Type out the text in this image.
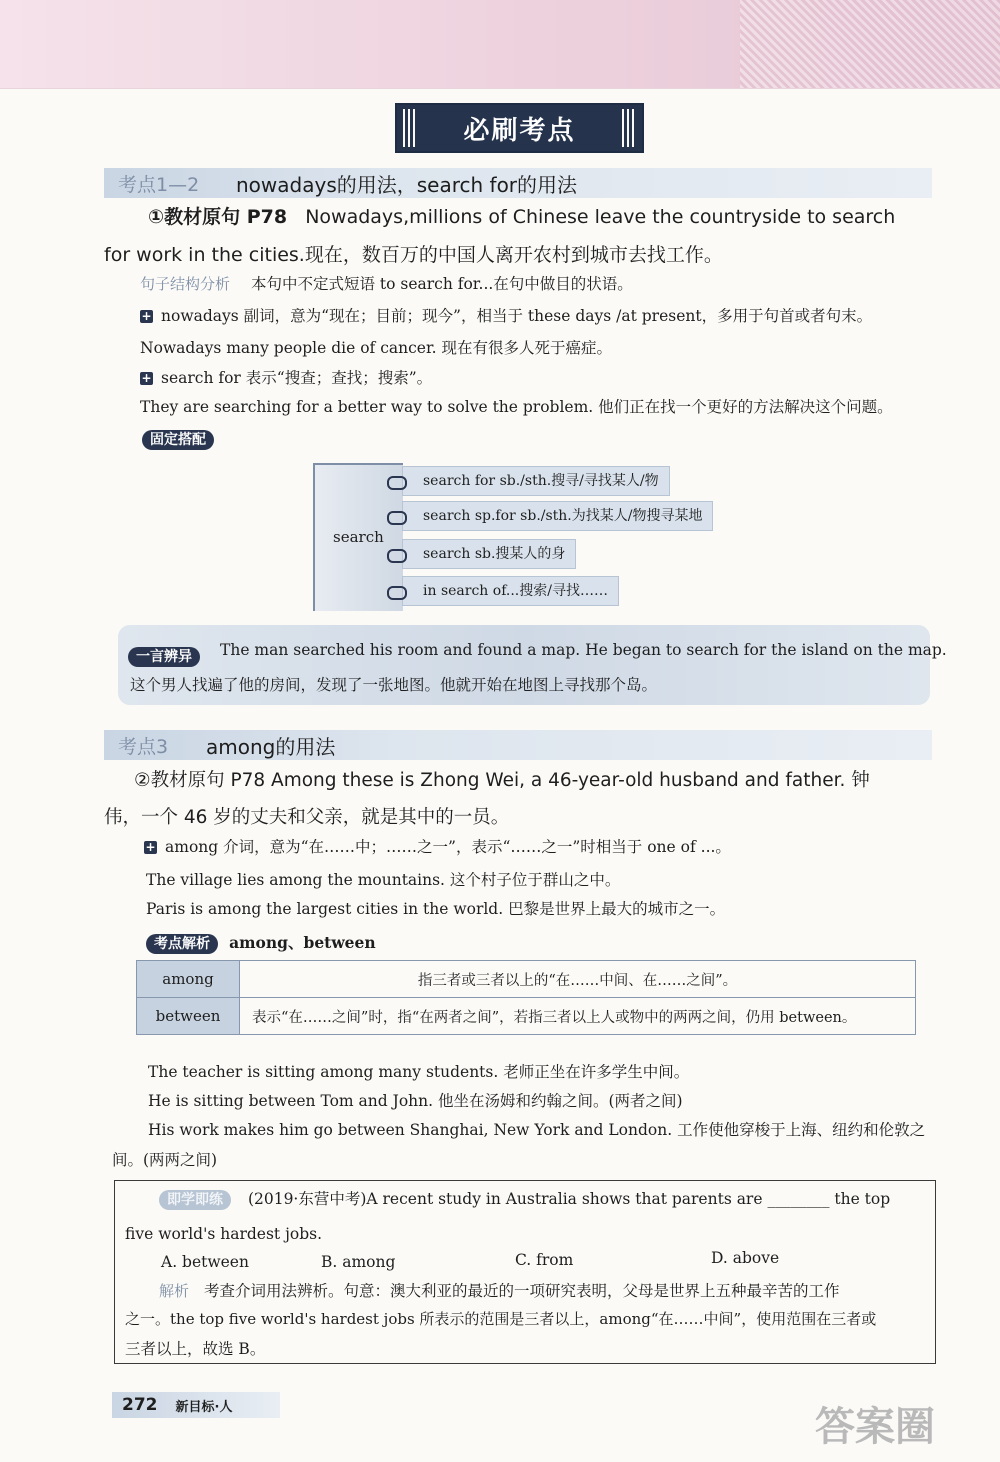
必刷考点
考点1—2	nowadays的用法，search for的用法
①教材原句 P78 Nowadays,millions of Chinese leave the countryside to search
for work in the cities.现在，数百万的中国人离开农村到城市去找工作。
句子结构分析 本句中不定式短语 to search for...在句中做目的状语。
+ nowadays 副词，意为“现在；目前；现今”，相当于 these days /at present，多用于句首或者句末。
Nowadays many people die of cancer. 现在有很多人死于癌症。
+ search for 表示“搜查；查找；搜索”。
They are searching for a better way to solve the problem. 他们正在找一个更好的方法解决这个问题。
固定搭配
search
search for sb./sth.搜寻/寻找某人/物
search sp.for sb./sth.为找某人/物搜寻某地
search sb.搜某人的身
in search of...搜索/寻找……
一言辨异	The man searched his room and found a map. He began to search for the island on the map.
这个男人找遍了他的房间，发现了一张地图。他就开始在地图上寻找那个岛。
考点3	among的用法
②教材原句 P78 Among these is Zhong Wei, a 46-year-old husband and father. 钟
伟，一个 46 岁的丈夫和父亲，就是其中的一员。
+ among 介词，意为“在……中；……之一”，表示“……之一”时相当于 one of ...。
The village lies among the mountains. 这个村子位于群山之中。
Paris is among the largest cities in the world. 巴黎是世界上最大的城市之一。
考点解析 among、between
among	指三者或三者以上的“在……中间、在……之间”。
between	表示“在……之间”时，指“在两者之间”，若指三者以上人或物中的两两之间，仍用 between。
The teacher is sitting among many students. 老师正坐在许多学生中间。
He is sitting between Tom and John. 他坐在汤姆和约翰之间。(两者之间)
His work makes him go between Shanghai, New York and London. 工作使他穿梭于上海、纽约和伦敦之
间。(两两之间)
即学即练 (2019·东营中考)A recent study in Australia shows that parents are ________ the top
five world's hardest jobs.
A. between	B. among	C. from	D. above
解析 考查介词用法辨析。句意：澳大利亚的最近的一项研究表明，父母是世界上五种最辛苦的工作
之一。the top five world's hardest jobs 所表示的范围是三者以上，among“在……中间”，使用范围在三者或
三者以上，故选 B。
272 新目标·人	答案圈
